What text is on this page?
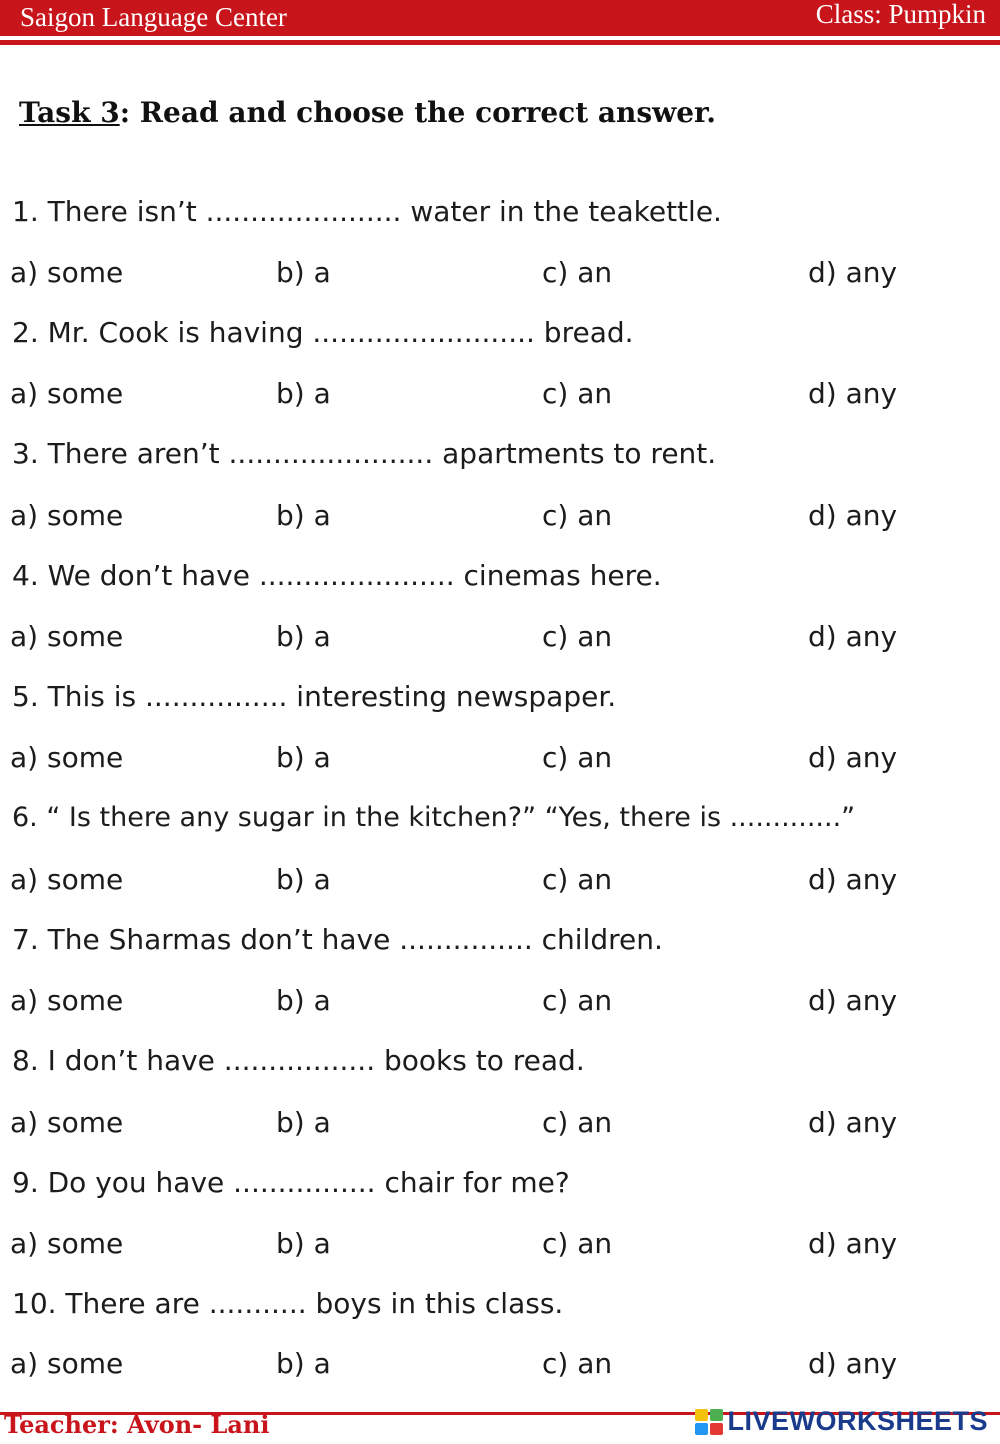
Saigon Language Center	Class: Pumpkin
Task 3: Read and choose the correct answer.
1. There isn’t ...................... water in the teakettle.
a) some	b) a	c) an	d) any
2. Mr. Cook is having ......................... bread.
a) some	b) a	c) an	d) any
3. There aren’t ....................... apartments to rent.
a) some	b) a	c) an	d) any
4. We don’t have ...................... cinemas here.
a) some	b) a	c) an	d) any
5. This is ................ interesting newspaper.
a) some	b) a	c) an	d) any
6. “ Is there any sugar in the kitchen?” “Yes, there is .............”
a) some	b) a	c) an	d) any
7. The Sharmas don’t have ............... children.
a) some	b) a	c) an	d) any
8. I don’t have ................. books to read.
a) some	b) a	c) an	d) any
9. Do you have ................ chair for me?
a) some	b) a	c) an	d) any
10. There are ........... boys in this class.
a) some	b) a	c) an	d) any
Teacher: Avon- Lani	LIVEWORKSHEETS
